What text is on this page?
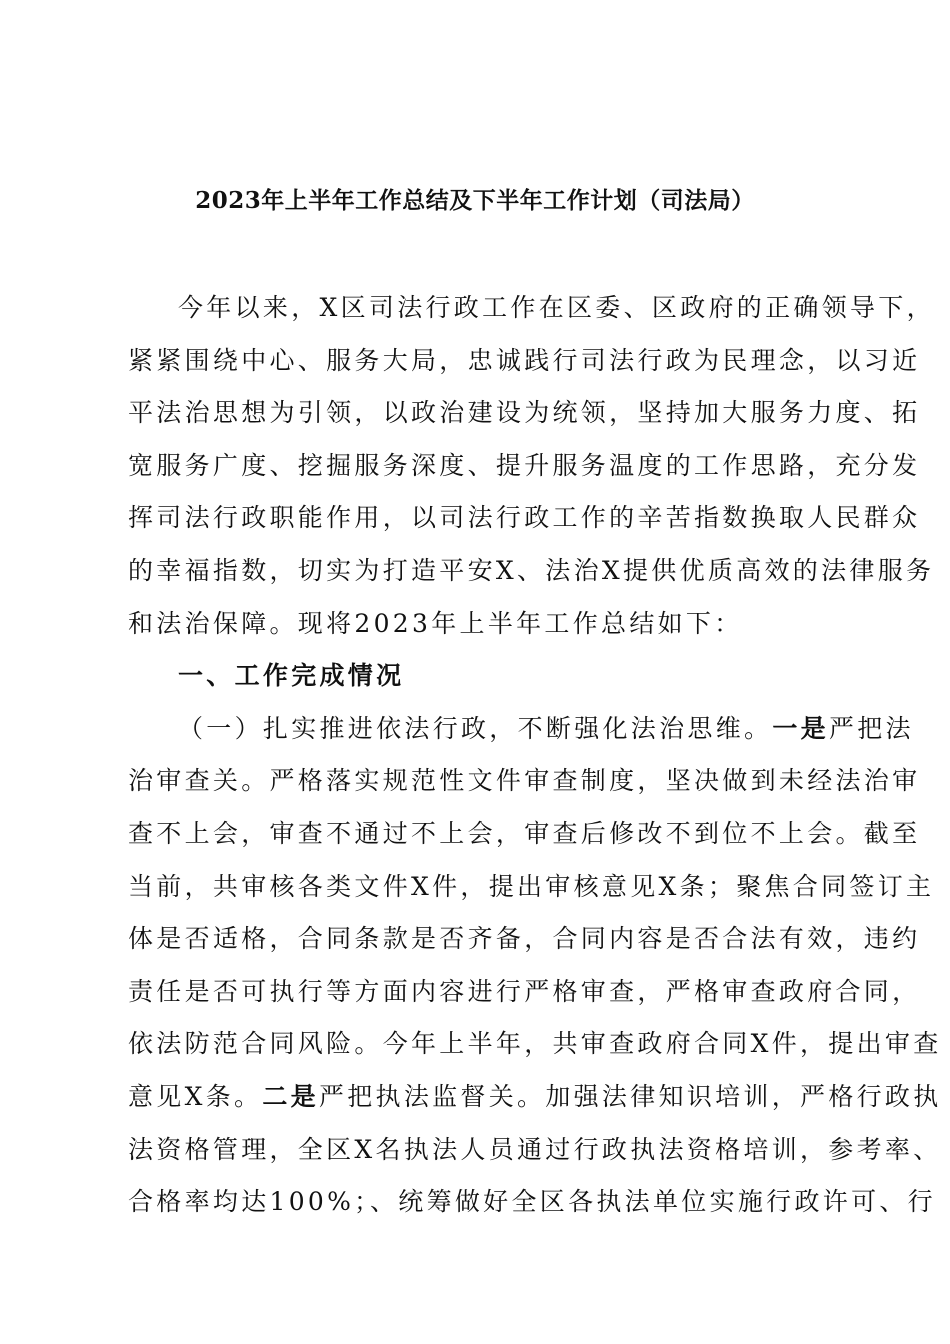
2023年上半年工作总结及下半年工作计划（司法局）
今年以来，X区司法行政工作在区委、区政府的正确领导下，
紧紧围绕中心、服务大局，忠诚践行司法行政为民理念，以习近
平法治思想为引领，以政治建设为统领，坚持加大服务力度、拓
宽服务广度、挖掘服务深度、提升服务温度的工作思路，充分发
挥司法行政职能作用，以司法行政工作的辛苦指数换取人民群众
的幸福指数，切实为打造平安X、法治X提供优质高效的法律服务
和法治保障。现将2023年上半年工作总结如下：
一、工作完成情况
（一）扎实推进依法行政，不断强化法治思维。一是严把法
治审查关。严格落实规范性文件审查制度，坚决做到未经法治审
查不上会，审查不通过不上会，审查后修改不到位不上会。截至
当前，共审核各类文件X件，提出审核意见X条；聚焦合同签订主
体是否适格，合同条款是否齐备，合同内容是否合法有效，违约
责任是否可执行等方面内容进行严格审查，严格审查政府合同，
依法防范合同风险。今年上半年，共审查政府合同X件，提出审查
意见X条。二是严把执法监督关。加强法律知识培训，严格行政执
法资格管理，全区X名执法人员通过行政执法资格培训，参考率、
合格率均达100%；、统筹做好全区各执法单位实施行政许可、行
